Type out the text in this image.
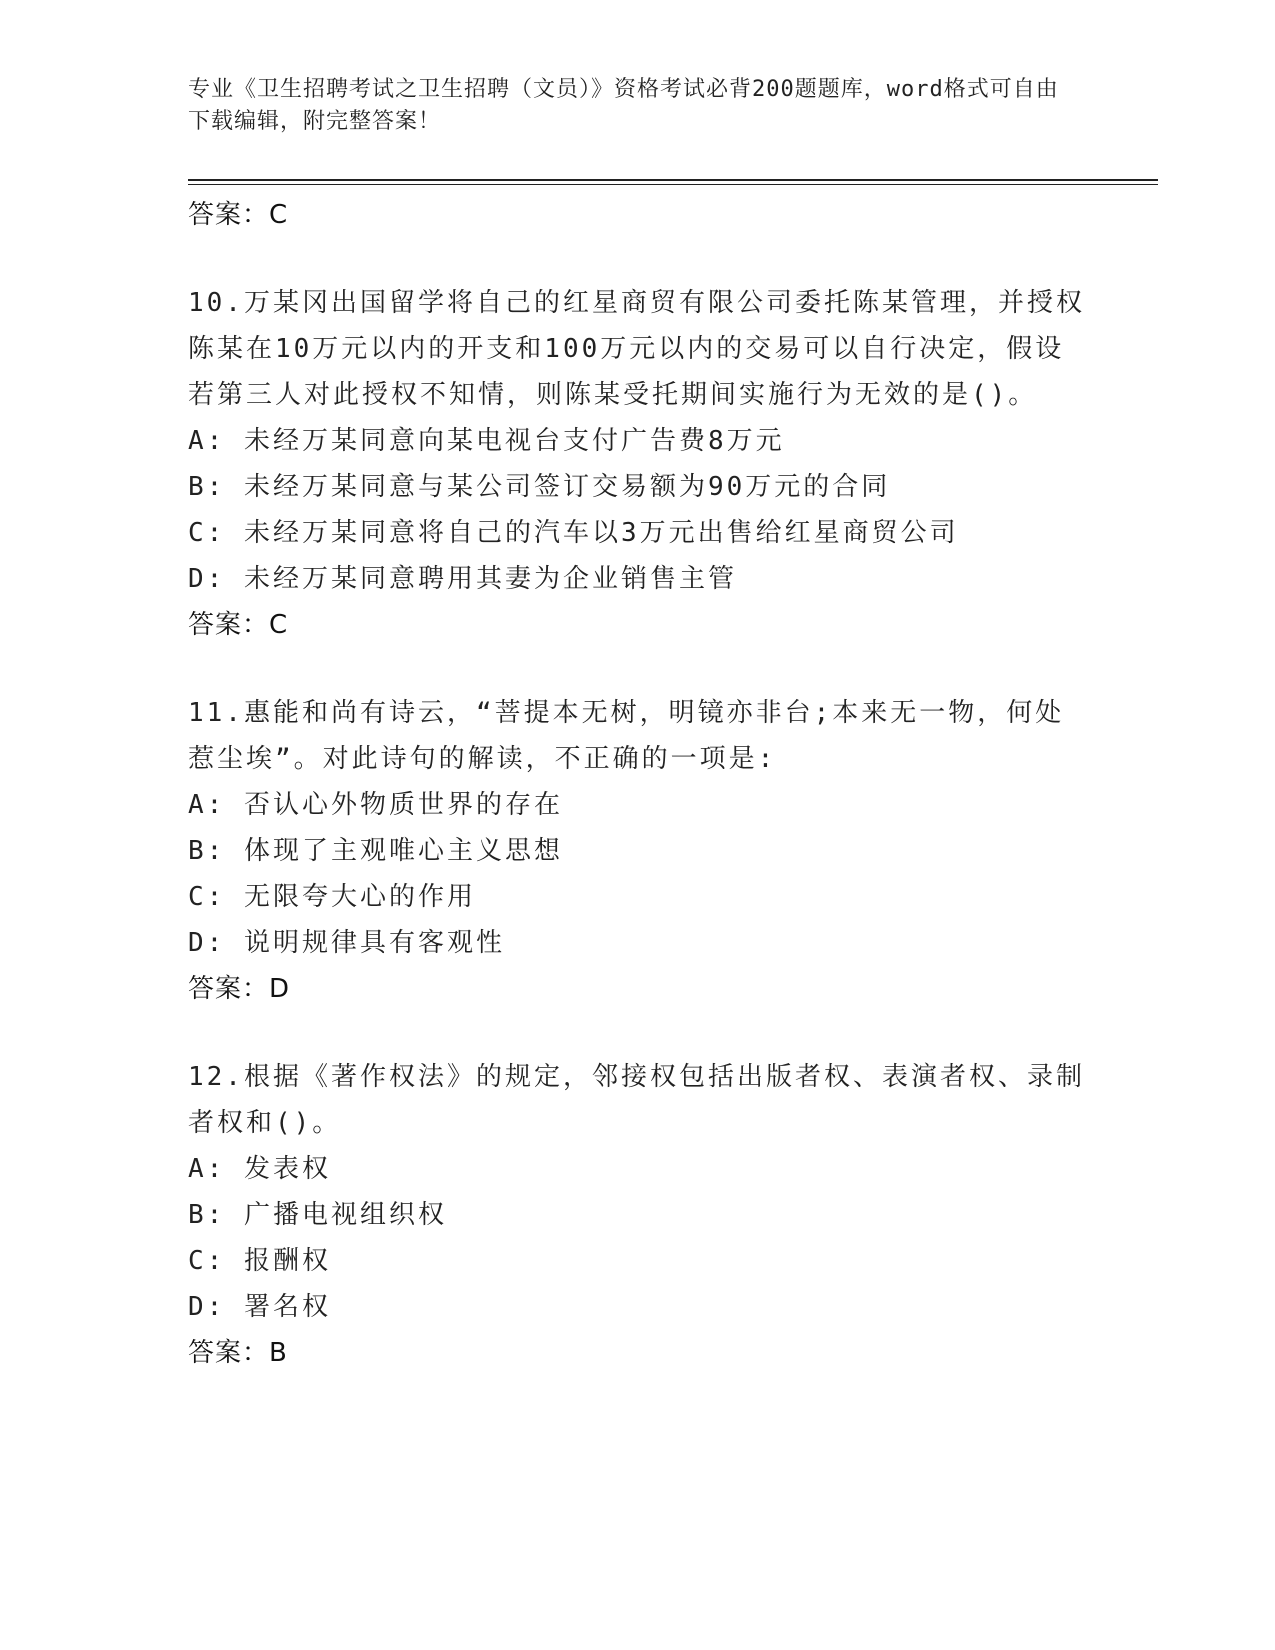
专业《卫生招聘考试之卫生招聘（文员）》资格考试必背200题题库，word格式可自由下载编辑，附完整答案！
答案：C
10.万某冈出国留学将自己的红星商贸有限公司委托陈某管理，并授权陈某在10万元以内的开支和100万元以内的交易可以自行决定，假设若第三人对此授权不知情，则陈某受托期间实施行为无效的是()。
A: 未经万某同意向某电视台支付广告费8万元
B: 未经万某同意与某公司签订交易额为90万元的合同
C: 未经万某同意将自己的汽车以3万元出售给红星商贸公司
D: 未经万某同意聘用其妻为企业销售主管
答案：C
11.惠能和尚有诗云，“菩提本无树，明镜亦非台;本来无一物，何处惹尘埃”。对此诗句的解读，不正确的一项是:
A: 否认心外物质世界的存在
B: 体现了主观唯心主义思想
C: 无限夸大心的作用
D: 说明规律具有客观性
答案：D
12.根据《著作权法》的规定，邻接权包括出版者权、表演者权、录制者权和()。
A: 发表权
B: 广播电视组织权
C: 报酬权
D: 署名权
答案：B
